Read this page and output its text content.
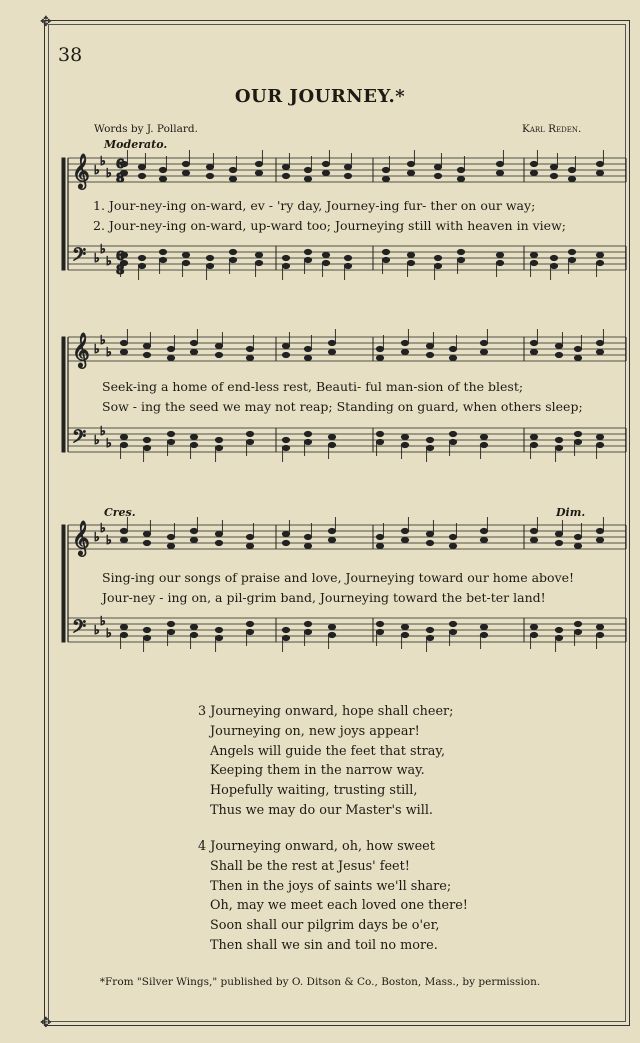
✥
✥
38
OUR JOURNEY.*
Words by J. Pollard.	Karl Reden.
Moderato.
Cres.	Dim.
𝄞
𝄢
♭
♭
♭
♭
♭
♭
𝄞
𝄢
♭
♭
♭
♭
♭
♭
𝄞
𝄢
♭
♭
♭
♭
♭
♭
6
8
6
8
1. Jour-ney-ing on-ward, ev - 'ry day, Journey-ing fur- ther on our way;
2. Jour-ney-ing on-ward, up-ward too; Journeying still with heaven in view;
Seek-ing a home of end-less rest, Beauti- ful man-sion of the blest;
Sow - ing the seed we may not reap; Standing on guard, when others sleep;
Sing-ing our songs of praise and love, Journeying toward our home above!
Jour-ney - ing on, a pil-grim band, Journeying toward the bet-ter land!
3 Journeying onward, hope shall cheer;
Journeying on, new joys appear!
Angels will guide the feet that stray,
Keeping them in the narrow way.
Hopefully waiting, trusting still,
Thus we may do our Master's will.
4 Journeying onward, oh, how sweet
Shall be the rest at Jesus' feet!
Then in the joys of saints we'll share;
Oh, may we meet each loved one there!
Soon shall our pilgrim days be o'er,
Then shall we sin and toil no more.
*From "Silver Wings," published by O. Ditson & Co., Boston, Mass., by permission.
